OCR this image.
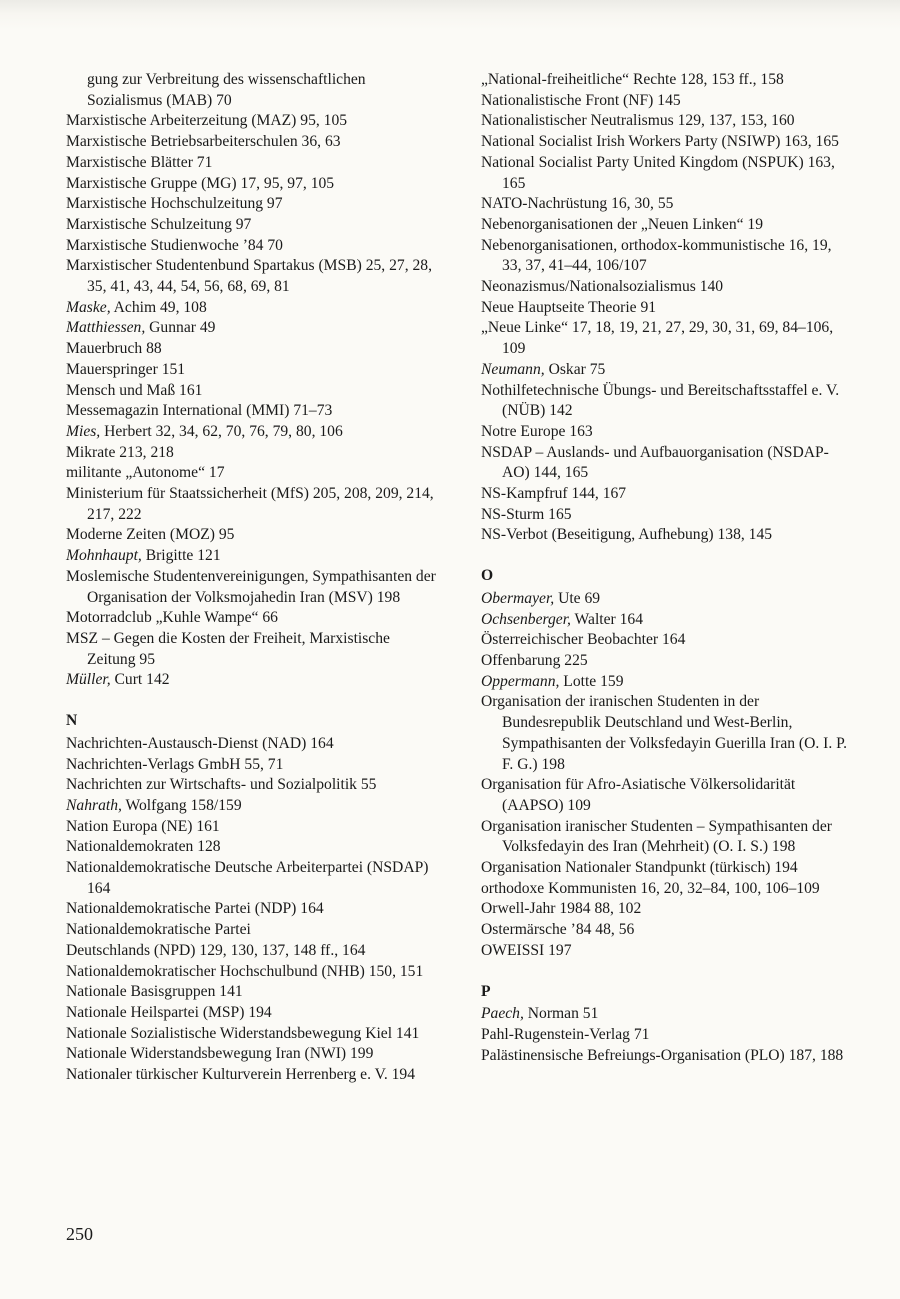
gung zur Verbreitung des wissenschaftlichen Sozialismus (MAB) 70
Marxistische Arbeiterzeitung (MAZ) 95, 105
Marxistische Betriebsarbeiterschulen 36, 63
Marxistische Blätter 71
Marxistische Gruppe (MG) 17, 95, 97, 105
Marxistische Hochschulzeitung 97
Marxistische Schulzeitung 97
Marxistische Studienwoche ’84 70
Marxistischer Studentenbund Spartakus (MSB) 25, 27, 28, 35, 41, 43, 44, 54, 56, 68, 69, 81
Maske, Achim 49, 108
Matthiessen, Gunnar 49
Mauerbruch 88
Mauerspringer 151
Mensch und Maß 161
Messemagazin International (MMI) 71–73
Mies, Herbert 32, 34, 62, 70, 76, 79, 80, 106
Mikrate 213, 218
militante „Autonome“ 17
Ministerium für Staatssicherheit (MfS) 205, 208, 209, 214, 217, 222
Moderne Zeiten (MOZ) 95
Mohnhaupt, Brigitte 121
Moslemische Studentenvereinigungen, Sympathisanten der Organisation der Volksmojahedin Iran (MSV) 198
Motorradclub „Kuhle Wampe“ 66
MSZ – Gegen die Kosten der Freiheit, Marxistische Zeitung 95
Müller, Curt 142
N
Nachrichten-Austausch-Dienst (NAD) 164
Nachrichten-Verlags GmbH 55, 71
Nachrichten zur Wirtschafts- und Sozialpolitik 55
Nahrath, Wolfgang 158/159
Nation Europa (NE) 161
Nationaldemokraten 128
Nationaldemokratische Deutsche Arbeiterpartei (NSDAP) 164
Nationaldemokratische Partei (NDP) 164
Nationaldemokratische Partei
Deutschlands (NPD) 129, 130, 137, 148 ff., 164
Nationaldemokratischer Hochschulbund (NHB) 150, 151
Nationale Basisgruppen 141
Nationale Heilspartei (MSP) 194
Nationale Sozialistische Widerstandsbewegung Kiel 141
Nationale Widerstandsbewegung Iran (NWI) 199
Nationaler türkischer Kulturverein Herrenberg e. V. 194
„National-freiheitliche“ Rechte 128, 153 ff., 158
Nationalistische Front (NF) 145
Nationalistischer Neutralismus 129, 137, 153, 160
National Socialist Irish Workers Party (NSIWP) 163, 165
National Socialist Party United Kingdom (NSPUK) 163, 165
NATO-Nachrüstung 16, 30, 55
Nebenorganisationen der „Neuen Linken“ 19
Nebenorganisationen, orthodox-kommunistische 16, 19, 33, 37, 41–44, 106/107
Neonazismus/Nationalsozialismus 140
Neue Hauptseite Theorie 91
„Neue Linke“ 17, 18, 19, 21, 27, 29, 30, 31, 69, 84–106, 109
Neumann, Oskar 75
Nothilfetechnische Übungs- und Bereitschaftsstaffel e. V. (NÜB) 142
Notre Europe 163
NSDAP – Auslands- und Aufbauorganisation (NSDAP-AO) 144, 165
NS-Kampfruf 144, 167
NS-Sturm 165
NS-Verbot (Beseitigung, Aufhebung) 138, 145
O
Obermayer, Ute 69
Ochsenberger, Walter 164
Österreichischer Beobachter 164
Offenbarung 225
Oppermann, Lotte 159
Organisation der iranischen Studenten in der Bundesrepublik Deutschland und West-Berlin, Sympathisanten der Volksfedayin Guerilla Iran (O. I. P. F. G.) 198
Organisation für Afro-Asiatische Völkersolidarität (AAPSO) 109
Organisation iranischer Studenten – Sympathisanten der Volksfedayin des Iran (Mehrheit) (O. I. S.) 198
Organisation Nationaler Standpunkt (türkisch) 194
orthodoxe Kommunisten 16, 20, 32–84, 100, 106–109
Orwell-Jahr 1984 88, 102
Ostermärsche ’84 48, 56
OWEISSI 197
P
Paech, Norman 51
Pahl-Rugenstein-Verlag 71
Palästinensische Befreiungs-Organisation (PLO) 187, 188
250
